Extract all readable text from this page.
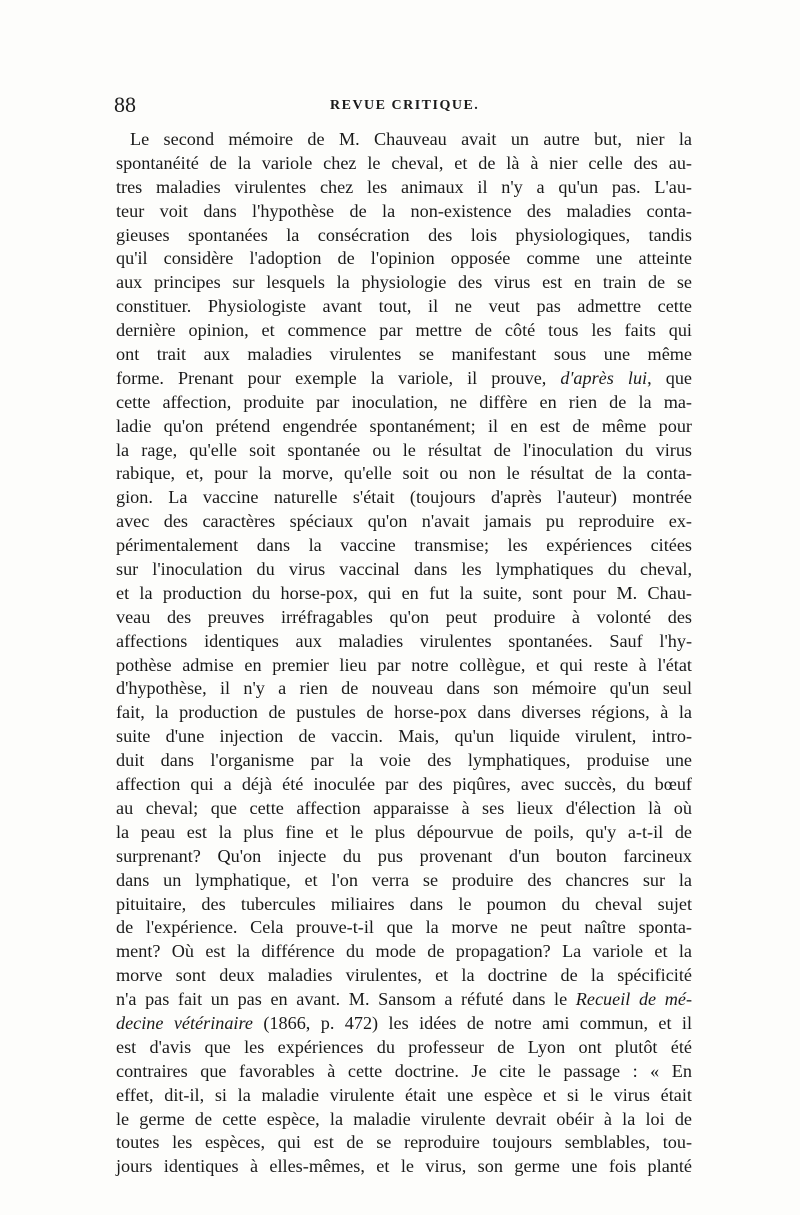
88	REVUE CRITIQUE.
Le second mémoire de M. Chauveau avait un autre but, nier la
spontanéité de la variole chez le cheval, et de là à nier celle des au-
tres maladies virulentes chez les animaux il n'y a qu'un pas. L'au-
teur voit dans l'hypothèse de la non-existence des maladies conta-
gieuses spontanées la consécration des lois physiologiques, tandis
qu'il considère l'adoption de l'opinion opposée comme une atteinte
aux principes sur lesquels la physiologie des virus est en train de se
constituer. Physiologiste avant tout, il ne veut pas admettre cette
dernière opinion, et commence par mettre de côté tous les faits qui
ont trait aux maladies virulentes se manifestant sous une même
forme. Prenant pour exemple la variole, il prouve, d'après lui, que
cette affection, produite par inoculation, ne diffère en rien de la ma-
ladie qu'on prétend engendrée spontanément; il en est de même pour
la rage, qu'elle soit spontanée ou le résultat de l'inoculation du virus
rabique, et, pour la morve, qu'elle soit ou non le résultat de la conta-
gion. La vaccine naturelle s'était (toujours d'après l'auteur) montrée
avec des caractères spéciaux qu'on n'avait jamais pu reproduire ex-
périmentalement dans la vaccine transmise; les expériences citées
sur l'inoculation du virus vaccinal dans les lymphatiques du cheval,
et la production du horse-pox, qui en fut la suite, sont pour M. Chau-
veau des preuves irréfragables qu'on peut produire à volonté des
affections identiques aux maladies virulentes spontanées. Sauf l'hy-
pothèse admise en premier lieu par notre collègue, et qui reste à l'état
d'hypothèse, il n'y a rien de nouveau dans son mémoire qu'un seul
fait, la production de pustules de horse-pox dans diverses régions, à la
suite d'une injection de vaccin. Mais, qu'un liquide virulent, intro-
duit dans l'organisme par la voie des lymphatiques, produise une
affection qui a déjà été inoculée par des piqûres, avec succès, du bœuf
au cheval; que cette affection apparaisse à ses lieux d'élection là où
la peau est la plus fine et le plus dépourvue de poils, qu'y a-t-il de
surprenant? Qu'on injecte du pus provenant d'un bouton farcineux
dans un lymphatique, et l'on verra se produire des chancres sur la
pituitaire, des tubercules miliaires dans le poumon du cheval sujet
de l'expérience. Cela prouve-t-il que la morve ne peut naître sponta-
ment? Où est la différence du mode de propagation? La variole et la
morve sont deux maladies virulentes, et la doctrine de la spécificité
n'a pas fait un pas en avant. M. Sansom a réfuté dans le Recueil de mé-
decine vétérinaire (1866, p. 472) les idées de notre ami commun, et il
est d'avis que les expériences du professeur de Lyon ont plutôt été
contraires que favorables à cette doctrine. Je cite le passage : « En
effet, dit-il, si la maladie virulente était une espèce et si le virus était
le germe de cette espèce, la maladie virulente devrait obéir à la loi de
toutes les espèces, qui est de se reproduire toujours semblables, tou-
jours identiques à elles-mêmes, et le virus, son germe une fois planté
